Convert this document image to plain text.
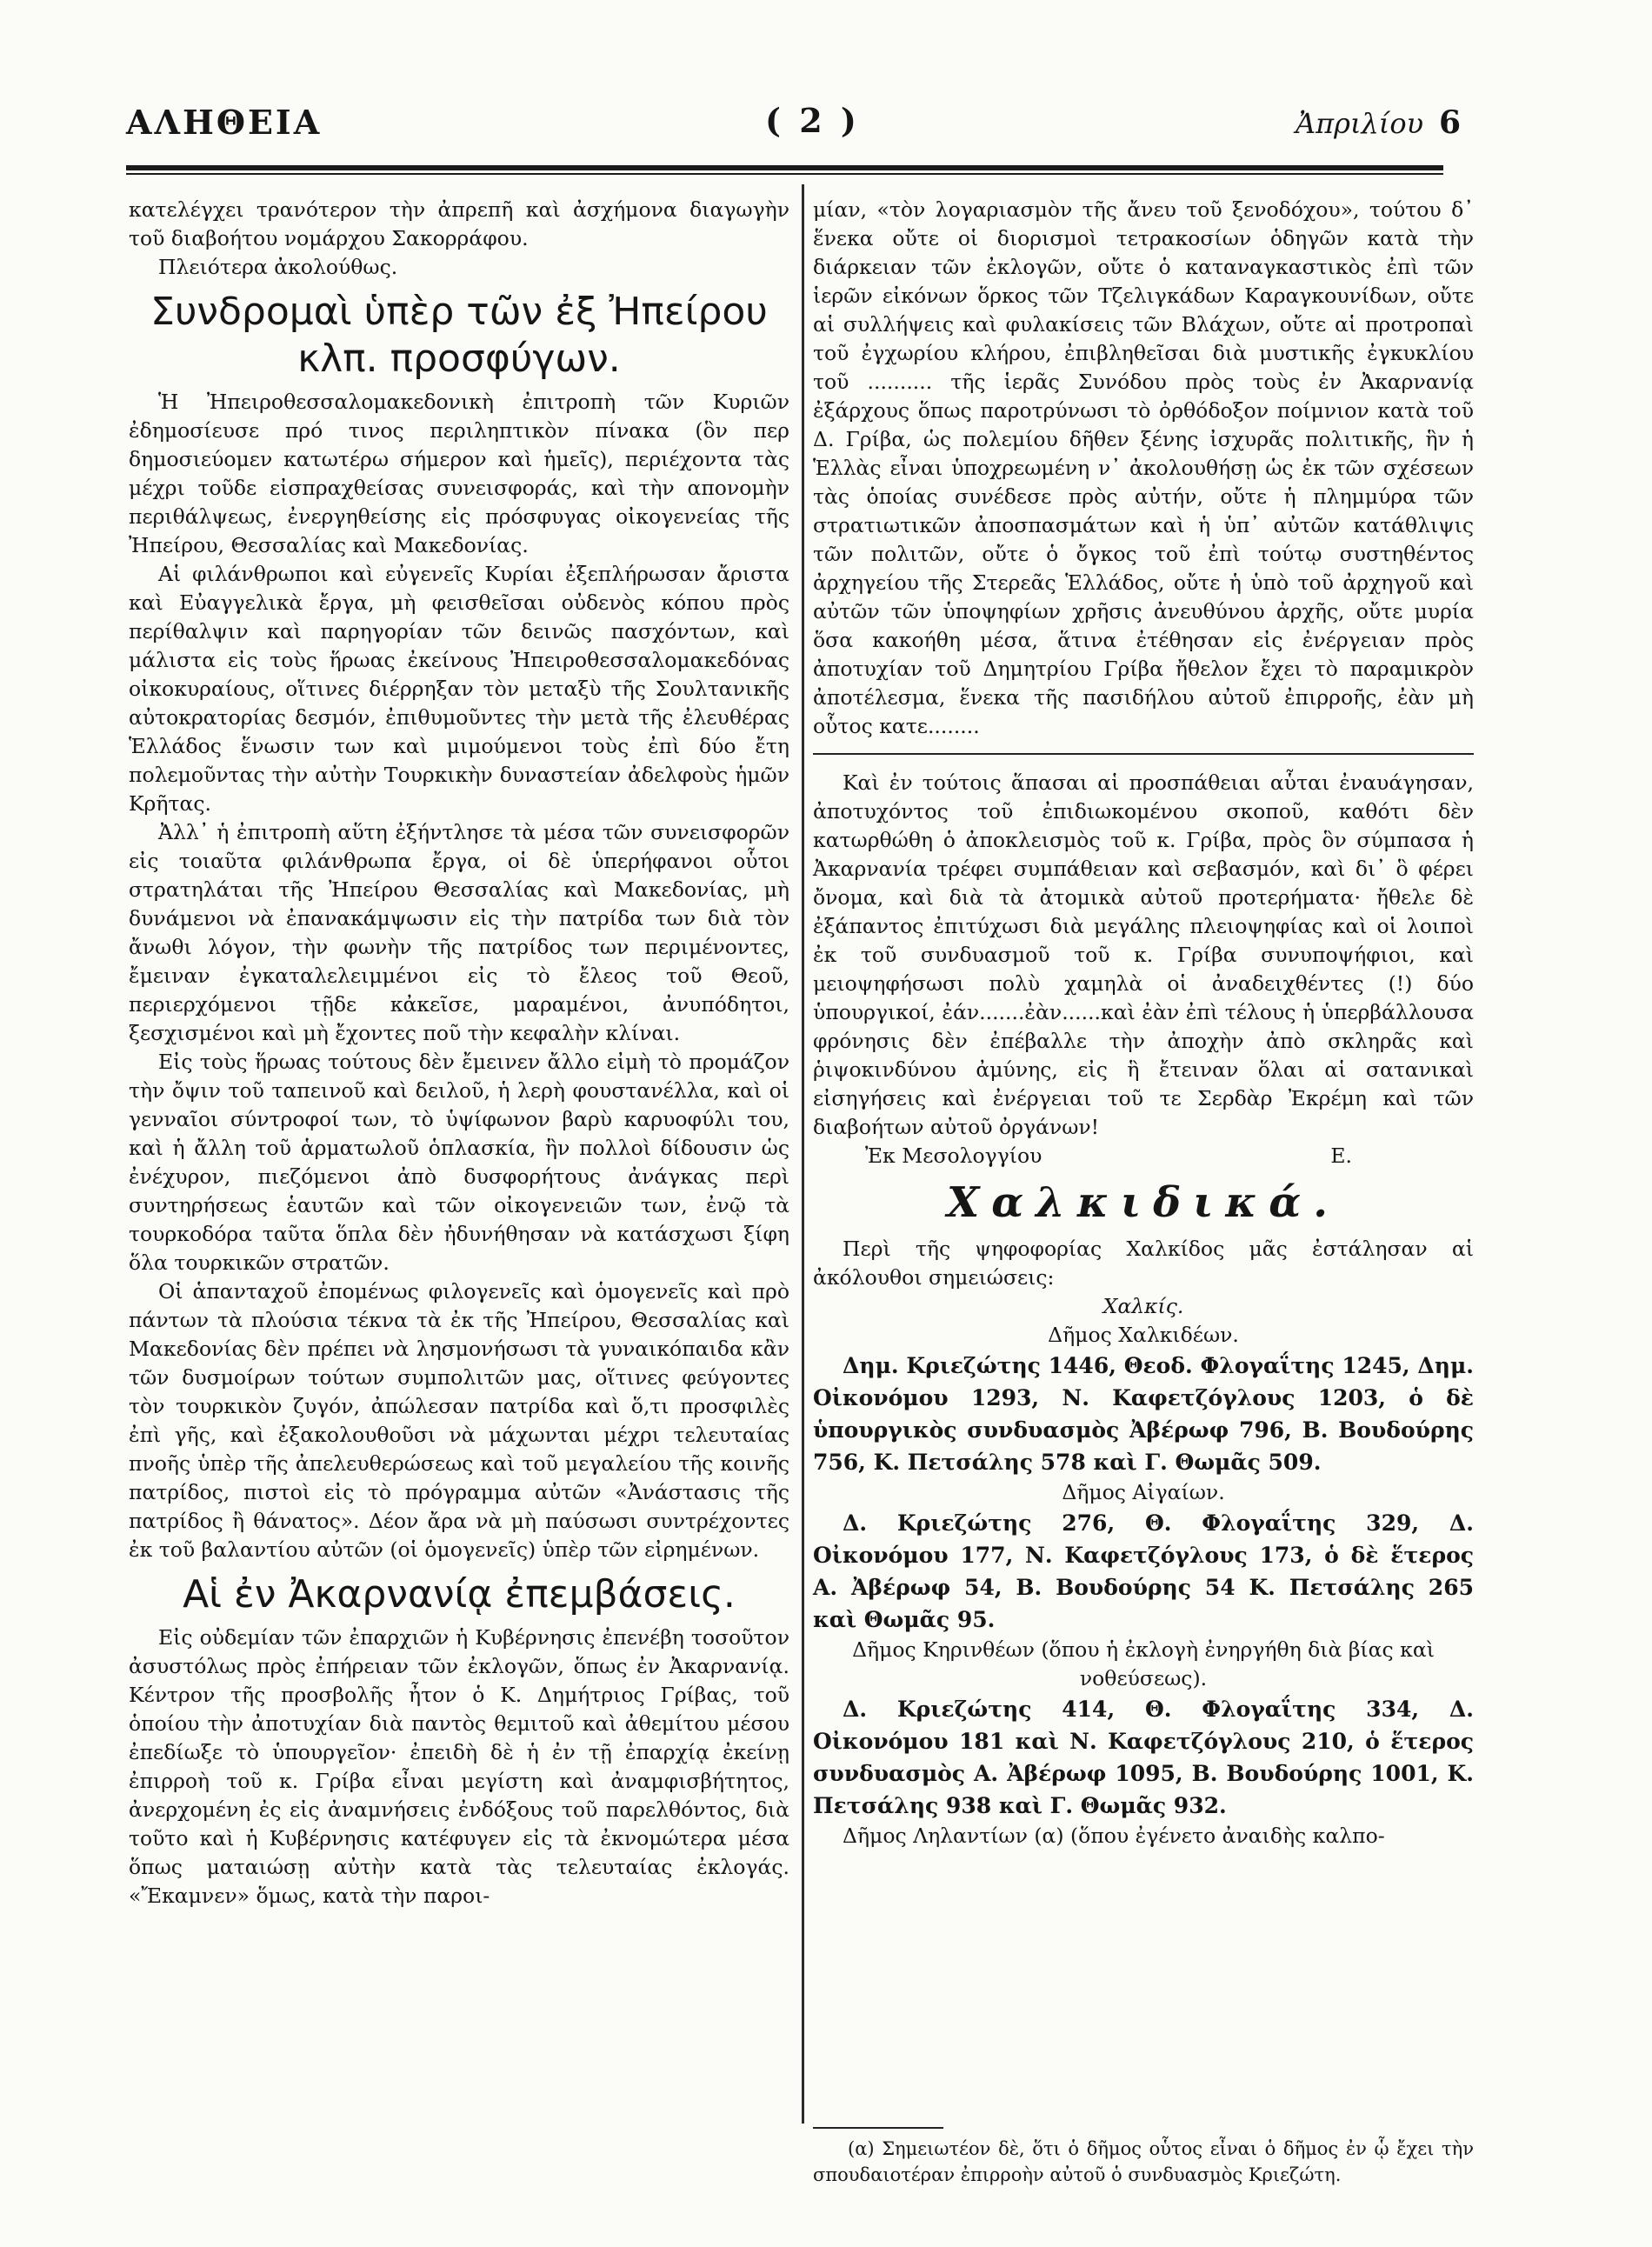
ΑΛΗΘΕΙΑ	( 2 )	Ἀπριλίου 6

κατελέγχει τρανότερον τὴν ἀπρεπῆ καὶ ἀσχήμονα διαγωγὴν τοῦ διαβοήτου νομάρχου Σακορράφου.

Πλειότερα ἀκολούθως.

Συνδρομαὶ ὑπὲρ τῶν ἐξ Ἠπείρου κλπ. προσφύγων.

Ἡ Ἠπειροθεσσαλομακεδονικὴ ἐπιτροπὴ τῶν Κυριῶν ἐδημοσίευσε πρό τινος περιληπτικὸν πίνακα (ὃν περ δημοσιεύομεν κατωτέρω σήμερον καὶ ἡμεῖς), περιέχοντα τὰς μέχρι τοῦδε εἰσπραχθείσας συνεισφοράς, καὶ τὴν απονομὴν περιθάλψεως, ἐνεργηθείσης εἰς πρόσφυγας οἰκογενείας τῆς Ἠπείρου, Θεσσαλίας καὶ Μακεδονίας.

Αἱ φιλάνθρωποι καὶ εὐγενεῖς Κυρίαι ἐξεπλήρωσαν ἄριστα καὶ Εὐαγγελικὰ ἔργα, μὴ φεισθεῖσαι οὐδενὸς κόπου πρὸς περίθαλψιν καὶ παρηγορίαν τῶν δεινῶς πασχόντων, καὶ μάλιστα εἰς τοὺς ἥρωας ἐκείνους Ἠπειροθεσσαλομακεδόνας οἰκοκυραίους, οἵτινες διέρρηξαν τὸν μεταξὺ τῆς Σουλτανικῆς αὐτοκρατορίας δεσμόν, ἐπιθυμοῦντες τὴν μετὰ τῆς ἐλευθέρας Ἑλλάδος ἕνωσιν των καὶ μιμούμενοι τοὺς ἐπὶ δύο ἔτη πολεμοῦντας τὴν αὐτὴν Τουρκικὴν δυναστείαν ἀδελφοὺς ἡμῶν Κρῆτας.

Ἀλλ᾽ ἡ ἐπιτροπὴ αὕτη ἐξήντλησε τὰ μέσα τῶν συνεισφορῶν εἰς τοιαῦτα φιλάνθρωπα ἔργα, οἱ δὲ ὑπερήφανοι οὗτοι στρατηλάται τῆς Ἠπείρου Θεσσαλίας καὶ Μακεδονίας, μὴ δυνάμενοι νὰ ἐπανακάμψωσιν εἰς τὴν πατρίδα των διὰ τὸν ἄνωθι λόγον, τὴν φωνὴν τῆς πατρίδος των περιμένοντες, ἔμειναν ἐγκαταλελειμμένοι εἰς τὸ ἔλεος τοῦ Θεοῦ, περιερχόμενοι τῇδε κἀκεῖσε, μαραμένοι, ἀνυπόδητοι, ξεσχισμένοι καὶ μὴ ἔχοντες ποῦ τὴν κεφαλὴν κλίναι.

Εἰς τοὺς ἥρωας τούτους δὲν ἔμεινεν ἄλλο εἰμὴ τὸ προμάζον τὴν ὄψιν τοῦ ταπεινοῦ καὶ δειλοῦ, ἡ λερὴ φουστανέλλα, καὶ οἱ γενναῖοι σύντροφοί των, τὸ ὑψίφωνον βαρὺ καρυοφύλι του, καὶ ἡ ἄλλη τοῦ ἁρματωλοῦ ὁπλασκία, ἣν πολλοὶ δίδουσιν ὡς ἐνέχυρον, πιεζόμενοι ἀπὸ δυσφορήτους ἀνάγκας περὶ συντηρήσεως ἑαυτῶν καὶ τῶν οἰκογενειῶν των, ἐνῷ τὰ τουρκοδόρα ταῦτα ὅπλα δὲν ἠδυνήθησαν νὰ κατάσχωσι ξίφη ὅλα τουρκικῶν στρατῶν.

Οἱ ἁπανταχοῦ ἐπομένως φιλογενεῖς καὶ ὁμογενεῖς καὶ πρὸ πάντων τὰ πλούσια τέκνα τὰ ἐκ τῆς Ἠπείρου, Θεσσαλίας καὶ Μακεδονίας δὲν πρέπει νὰ λησμονήσωσι τὰ γυναικόπαιδα κἂν τῶν δυσμοίρων τούτων συμπολιτῶν μας, οἵτινες φεύγοντες τὸν τουρκικὸν ζυγόν, ἀπώλεσαν πατρίδα καὶ ὅ,τι προσφιλὲς ἐπὶ γῆς, καὶ ἐξακολουθοῦσι νὰ μάχωνται μέχρι τελευταίας πνοῆς ὑπὲρ τῆς ἀπελευθερώσεως καὶ τοῦ μεγαλείου τῆς κοινῆς πατρίδος, πιστοὶ εἰς τὸ πρόγραμμα αὐτῶν «Ἀνάστασις τῆς πατρίδος ἢ θάνατος». Δέον ἄρα νὰ μὴ παύσωσι συντρέχοντες ἐκ τοῦ βαλαντίου αὐτῶν (οἱ ὁμογενεῖς) ὑπὲρ τῶν εἰρημένων.

Αἱ ἐν Ἀκαρνανίᾳ ἐπεμβάσεις.

Εἰς οὐδεμίαν τῶν ἐπαρχιῶν ἡ Κυβέρνησις ἐπενέβη τοσοῦτον ἀσυστόλως πρὸς ἐπήρειαν τῶν ἐκλογῶν, ὅπως ἐν Ἀκαρνανίᾳ. Κέντρον τῆς προσβολῆς ἦτον ὁ Κ. Δημήτριος Γρίβας, τοῦ ὁποίου τὴν ἀποτυχίαν διὰ παντὸς θεμιτοῦ καὶ ἀθεμίτου μέσου ἐπεδίωξε τὸ ὑπουργεῖον· ἐπειδὴ δὲ ἡ ἐν τῇ ἐπαρχίᾳ ἐκείνῃ ἐπιρροὴ τοῦ κ. Γρίβα εἶναι μεγίστη καὶ ἀναμφισβήτητος, ἀνερχομένη ἐς εἰς ἀναμνήσεις ἐνδόξους τοῦ παρελθόντος, διὰ τοῦτο καὶ ἡ Κυβέρνησις κατέφυγεν εἰς τὰ ἐκνομώτερα μέσα ὅπως ματαιώσῃ αὐτὴν κατὰ τὰς τελευταίας ἐκλογάς. «Ἔκαμνεν» ὅμως, κατὰ τὴν παροι-

μίαν, «τὸν λογαριασμὸν τῆς ἄνευ τοῦ ξενοδόχου», τούτου δ᾽ ἕνεκα οὔτε οἱ διορισμοὶ τετρακοσίων ὁδηγῶν κατὰ τὴν διάρκειαν τῶν ἐκλογῶν, οὔτε ὁ καταναγκαστικὸς ἐπὶ τῶν ἱερῶν εἰκόνων ὅρκος τῶν Τζελιγκάδων Καραγκουνίδων, οὔτε αἱ συλλήψεις καὶ φυλακίσεις τῶν Βλάχων, οὔτε αἱ προτροπαὶ τοῦ ἐγχωρίου κλήρου, ἐπιβληθεῖσαι διὰ μυστικῆς ἐγκυκλίου τοῦ .......... τῆς ἱερᾶς Συνόδου πρὸς τοὺς ἐν Ἀκαρνανίᾳ ἐξάρχους ὅπως παροτρύνωσι τὸ ὀρθόδοξον ποίμνιον κατὰ τοῦ Δ. Γρίβα, ὡς πολεμίου δῆθεν ξένης ἰσχυρᾶς πολιτικῆς, ἣν ἡ Ἑλλὰς εἶναι ὑποχρεωμένη ν᾽ ἀκολουθήσῃ ὡς ἐκ τῶν σχέσεων τὰς ὁποίας συνέδεσε πρὸς αὐτήν, οὔτε ἡ πλημμύρα τῶν στρατιωτικῶν ἀποσπασμάτων καὶ ἡ ὑπ᾽ αὐτῶν κατάθλιψις τῶν πολιτῶν, οὔτε ὁ ὄγκος τοῦ ἐπὶ τούτῳ συστηθέντος ἀρχηγείου τῆς Στερεᾶς Ἑλλάδος, οὔτε ἡ ὑπὸ τοῦ ἀρχηγοῦ καὶ αὐτῶν τῶν ὑποψηφίων χρῆσις ἀνευθύνου ἀρχῆς, οὔτε μυρία ὅσα κακοήθη μέσα, ἅτινα ἐτέθησαν εἰς ἐνέργειαν πρὸς ἀποτυχίαν τοῦ Δημητρίου Γρίβα ἤθελον ἔχει τὸ παραμικρὸν ἀποτέλεσμα, ἕνεκα τῆς πασιδήλου αὐτοῦ ἐπιρροῆς, ἐὰν μὴ οὗτος κατε........

Καὶ ἐν τούτοις ἅπασαι αἱ προσπάθειαι αὗται ἐναυάγησαν, ἀποτυχόντος τοῦ ἐπιδιωκομένου σκοποῦ, καθότι δὲν κατωρθώθη ὁ ἀποκλεισμὸς τοῦ κ. Γρίβα, πρὸς ὃν σύμπασα ἡ Ἀκαρνανία τρέφει συμπάθειαν καὶ σεβασμόν, καὶ δι᾽ ὃ φέρει ὄνομα, καὶ διὰ τὰ ἀτομικὰ αὐτοῦ προτερήματα· ἤθελε δὲ ἐξάπαντος ἐπιτύχωσι διὰ μεγάλης πλειοψηφίας καὶ οἱ λοιποὶ ἐκ τοῦ συνδυασμοῦ τοῦ κ. Γρίβα συνυποψήφιοι, καὶ μειοψηφήσωσι πολὺ χαμηλὰ οἱ ἀναδειχθέντες (!) δύο ὑπουργικοί, ἐάν.......ἐὰν......καὶ ἐὰν ἐπὶ τέλους ἡ ὑπερβάλλουσα φρόνησις δὲν ἐπέβαλλε τὴν ἀποχὴν ἀπὸ σκληρᾶς καὶ ῥιψοκινδύνου ἀμύνης, εἰς ἣ ἔτειναν ὅλαι αἱ σατανικαὶ εἰσηγήσεις καὶ ἐνέργειαι τοῦ τε Σερδὰρ Ἐκρέμη καὶ τῶν διαβοήτων αὐτοῦ ὀργάνων!

Ἐκ Μεσολογγίου	Ε.
Χαλκιδικά.

Περὶ τῆς ψηφοφορίας Χαλκίδος μᾶς ἐστάλησαν αἱ ἀκόλουθοι σημειώσεις:

Χαλκίς.

Δῆμος Χαλκιδέων.

Δημ. Κριεζώτης 1446, Θεοδ. Φλογαΐτης 1245, Δημ. Οἰκονόμου 1293, Ν. Καφετζόγλους 1203, ὁ δὲ ὑπουργικὸς συνδυασμὸς Ἀβέρωφ 796, Β. Βουδούρης 756, Κ. Πετσάλης 578 καὶ Γ. Θωμᾶς 509.

Δῆμος Αἰγαίων.

Δ. Κριεζώτης 276, Θ. Φλογαΐτης 329, Δ. Οἰκονόμου 177, Ν. Καφετζόγλους 173, ὁ δὲ ἕτερος Α. Ἀβέρωφ 54, Β. Βουδούρης 54 Κ. Πετσάλης 265 καὶ Θωμᾶς 95.

Δῆμος Κηρινθέων (ὅπου ἡ ἐκλογὴ ἐνηργήθη διὰ βίας καὶ νοθεύσεως).

Δ. Κριεζώτης 414, Θ. Φλογαΐτης 334, Δ. Οἰκονόμου 181 καὶ Ν. Καφετζόγλους 210, ὁ ἕτερος συνδυασμὸς Α. Ἀβέρωφ 1095, Β. Βουδούρης 1001, Κ. Πετσάλης 938 καὶ Γ. Θωμᾶς 932.

Δῆμος Ληλαντίων (α) (ὅπου ἐγένετο ἀναιδὴς καλπο-

(α) Σημειωτέον δὲ, ὅτι ὁ δῆμος οὗτος εἶναι ὁ δῆμος ἐν ᾧ ἔχει τὴν σπουδαιοτέραν ἐπιρροὴν αὐτοῦ ὁ συνδυασμὸς Κριεζώτη.
